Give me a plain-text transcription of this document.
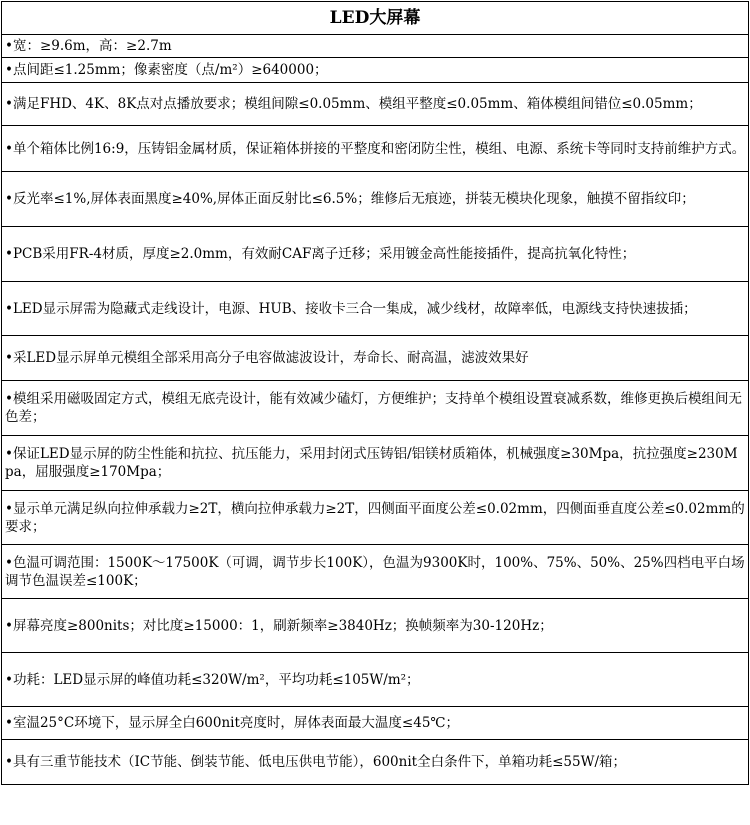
LED大屏幕
•宽：≥9.6m，高：≥2.7m
•点间距≤1.25mm；像素密度（点/m²）≥640000；
•满足FHD、4K、8K点对点播放要求；模组间隙≤0.05mm、模组平整度≤0.05mm、箱体模组间错位≤0.05mm；
•单个箱体比例16:9，压铸铝金属材质，保证箱体拼接的平整度和密闭防尘性，模组、电源、系统卡等同时支持前维护方式。
•反光率≤1%,屏体表面黑度≥40%,屏体正面反射比≤6.5%；维修后无痕迹，拼装无模块化现象，触摸不留指纹印；
•PCB采用FR-4材质，厚度≥2.0mm，有效耐CAF离子迁移；采用镀金高性能接插件，提高抗氧化特性；
•LED显示屏需为隐藏式走线设计，电源、HUB、接收卡三合一集成，减少线材，故障率低，电源线支持快速拔插；
•采LED显示屏单元模组全部采用高分子电容做滤波设计，寿命长、耐高温，滤波效果好
•模组采用磁吸固定方式，模组无底壳设计，能有效减少磕灯，方便维护；支持单个模组设置衰减系数，维修更换后模组间无色差；
•保证LED显示屏的防尘性能和抗拉、抗压能力，采用封闭式压铸铝/铝镁材质箱体，机械强度≥30Mpa，抗拉强度≥230Mpa，屈服强度≥170Mpa；
•显示单元满足纵向拉伸承载力≥2T，横向拉伸承载力≥2T，四侧面平面度公差≤0.02mm，四侧面垂直度公差≤0.02mm的要求；
•色温可调范围：1500K～17500K（可调，调节步长100K），色温为9300K时，100%、75%、50%、25%四档电平白场调节色温误差≤100K；
•屏幕亮度≥800nits；对比度≥15000：1，刷新频率≥3840Hz；换帧频率为30-120Hz；
•功耗：LED显示屏的峰值功耗≤320W/m²，平均功耗≤105W/m²；
•室温25°C环境下，显示屏全白600nit亮度时，屏体表面最大温度≤45℃；
•具有三重节能技术（IC节能、倒装节能、低电压供电节能），600nit全白条件下，单箱功耗≤55W/箱；
